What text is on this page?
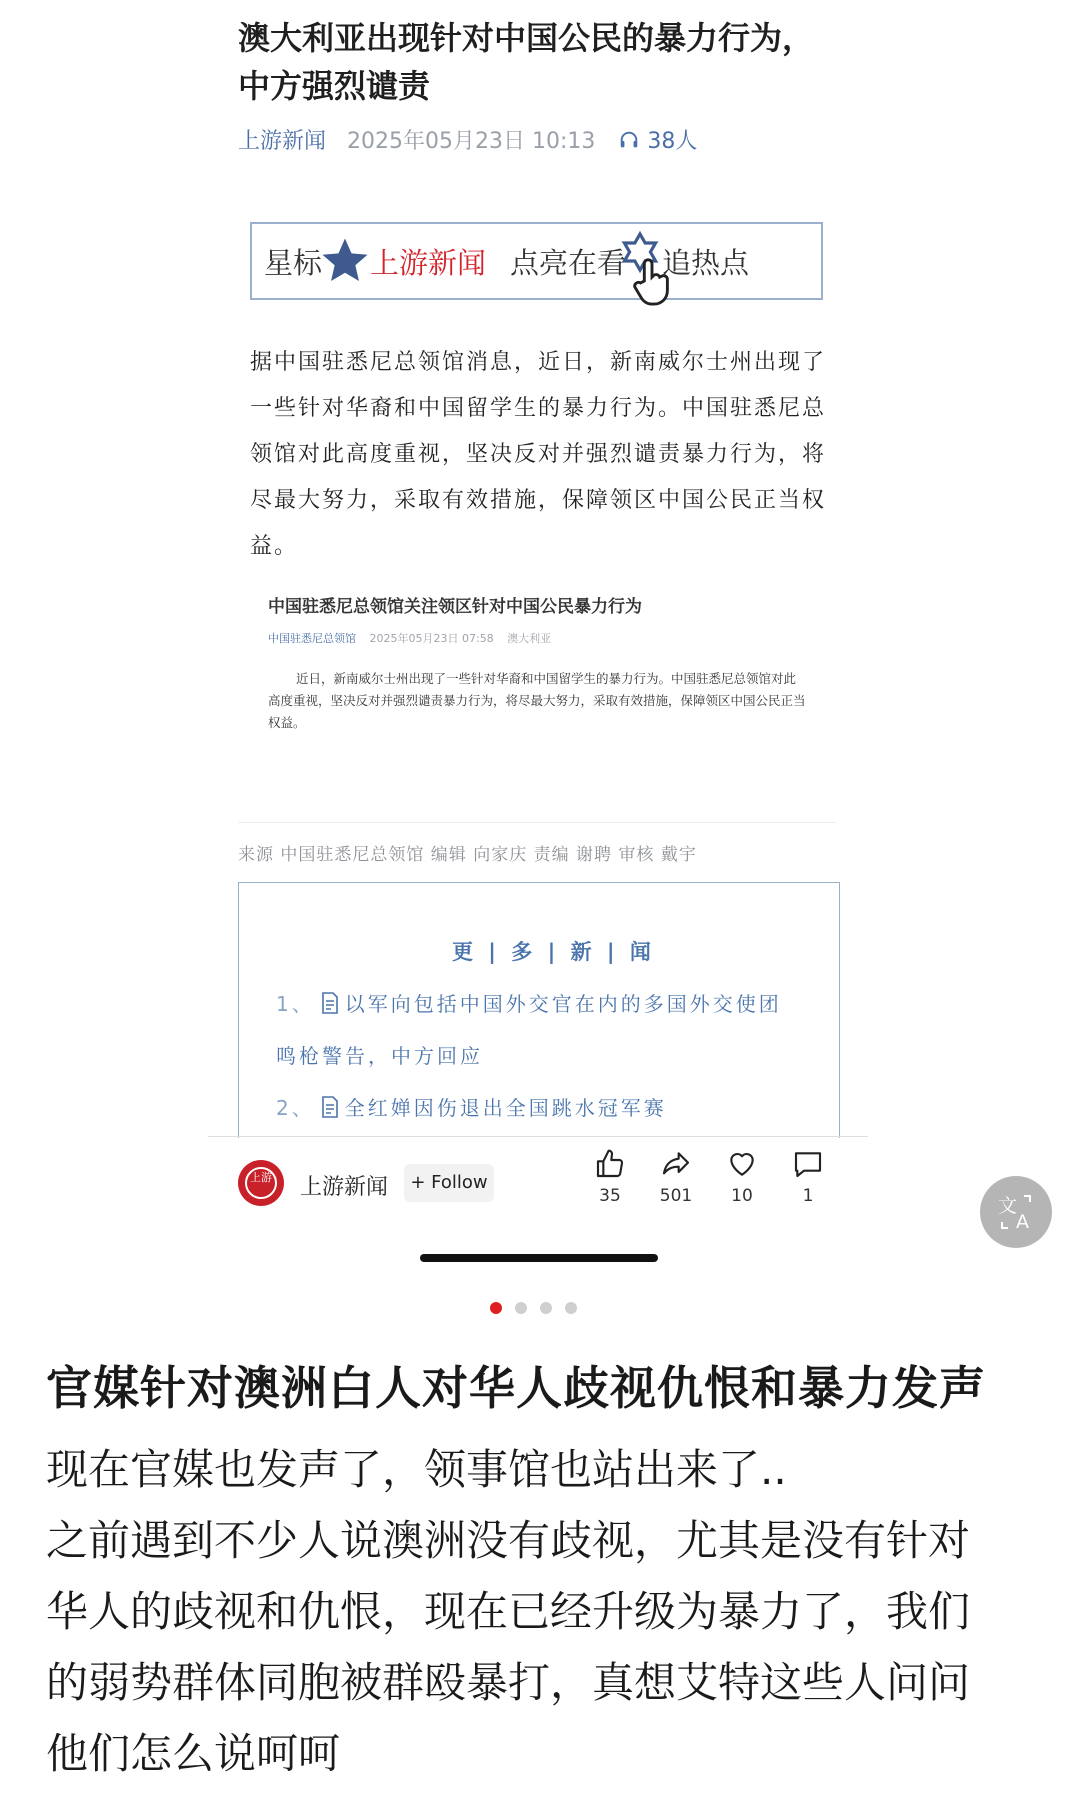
澳大利亚出现针对中国公民的暴力行为，中方强烈谴责
上游新闻 2025年05月23日 10:13 38人
星标 上游新闻 点亮在看 追热点
据中国驻悉尼总领馆消息，近日，新南威尔士州出现了一些针对华裔和中国留学生的暴力行为。中国驻悉尼总领馆对此高度重视，坚决反对并强烈谴责暴力行为，将尽最大努力，采取有效措施，保障领区中国公民正当权益。
中国驻悉尼总领馆关注领区针对中国公民暴力行为
中国驻悉尼总领馆 2025年05月23日 07:58 澳大利亚
近日，新南威尔士州出现了一些针对华裔和中国留学生的暴力行为。中国驻悉尼总领馆对此高度重视，坚决反对并强烈谴责暴力行为，将尽最大努力，采取有效措施，保障领区中国公民正当权益。
来源 中国驻悉尼总领馆 编辑 向家庆 责编 谢聘 审核 戴宇
更 | 多 | 新 | 闻
1、 以军向包括中国外交官在内的多国外交使团
鸣枪警告，中方回应
2、 全红婵因伤退出全国跳水冠军赛
上游	上游新闻	+ Follow
35	501	10	1	文
A
官媒针对澳洲白人对华人歧视仇恨和暴力发声
现在官媒也发声了，领事馆也站出来了..
之前遇到不少人说澳洲没有歧视，尤其是没有针对
华人的歧视和仇恨，现在已经升级为暴力了，我们
的弱势群体同胞被群殴暴打，真想艾特这些人问问
他们怎么说呵呵
